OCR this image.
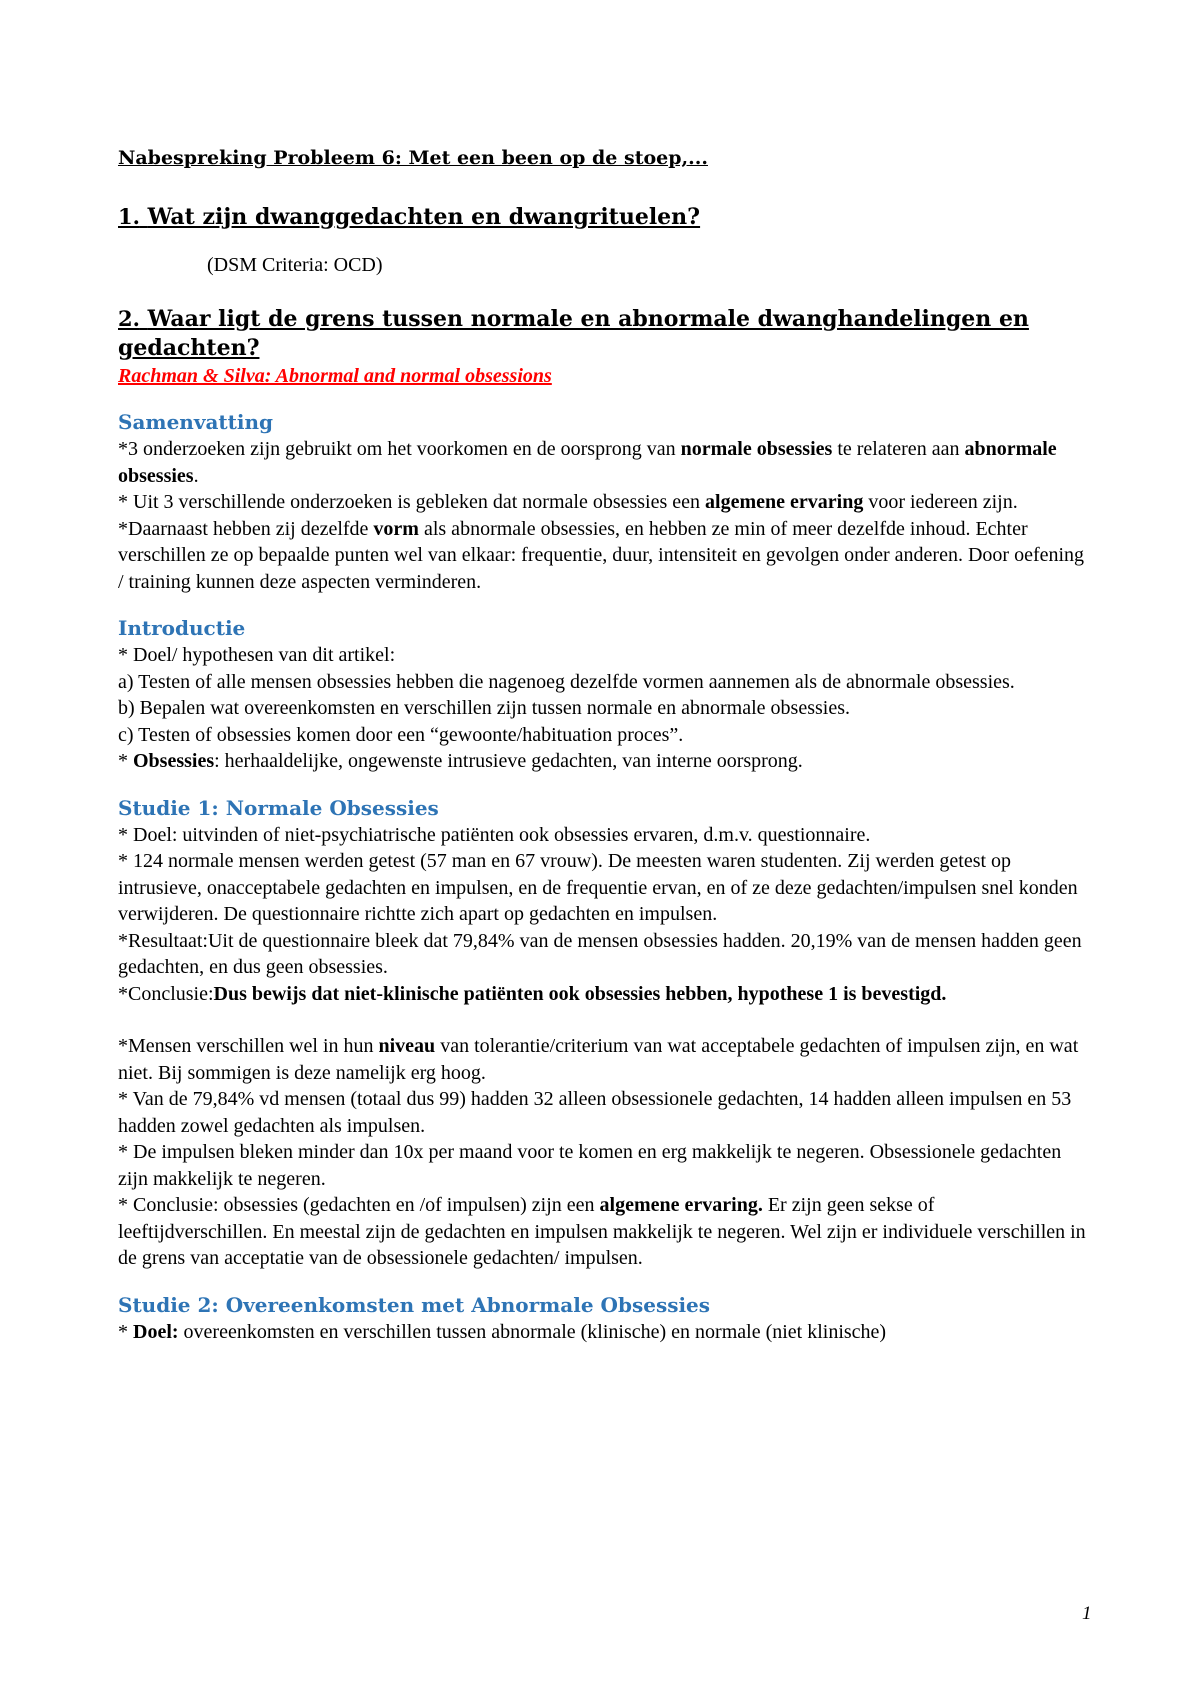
Nabespreking Probleem 6: Met een been op de stoep,...
1. Wat zijn dwanggedachten en dwangrituelen?

(DSM Criteria: OCD)

2. Waar ligt de grens tussen normale en abnormale dwanghandelingen en gedachten?

Rachman & Silva: Abnormal and normal obsessions

Samenvatting

*3 onderzoeken zijn gebruikt om het voorkomen en de oorsprong van normale obsessies te relateren aan abnormale obsessies.

* Uit 3 verschillende onderzoeken is gebleken dat normale obsessies een algemene ervaring voor iedereen zijn.

*Daarnaast hebben zij dezelfde vorm als abnormale obsessies, en hebben ze min of meer dezelfde inhoud. Echter verschillen ze op bepaalde punten wel van elkaar: frequentie, duur, intensiteit en gevolgen onder anderen. Door oefening / training kunnen deze aspecten verminderen.

Introductie

* Doel/ hypothesen van dit artikel:

a) Testen of alle mensen obsessies hebben die nagenoeg dezelfde vormen aannemen als de abnormale obsessies.

b) Bepalen wat overeenkomsten en verschillen zijn tussen normale en abnormale obsessies.

c) Testen of obsessies komen door een “gewoonte/habituation proces”.

* Obsessies: herhaaldelijke, ongewenste intrusieve gedachten, van interne oorsprong.

Studie 1: Normale Obsessies

* Doel: uitvinden of niet-psychiatrische patiënten ook obsessies ervaren, d.m.v. questionnaire.

* 124 normale mensen werden getest (57 man en 67 vrouw). De meesten waren studenten. Zij werden getest op intrusieve, onacceptabele gedachten en impulsen, en de frequentie ervan, en of ze deze gedachten/impulsen snel konden verwijderen. De questionnaire richtte zich apart op gedachten en impulsen.

*Resultaat:Uit de questionnaire bleek dat 79,84% van de mensen obsessies hadden. 20,19% van de mensen hadden geen gedachten, en dus geen obsessies.

*Conclusie:Dus bewijs dat niet-klinische patiënten ook obsessies hebben, hypothese 1 is bevestigd.

*Mensen verschillen wel in hun niveau van tolerantie/criterium van wat acceptabele gedachten of impulsen zijn, en wat niet. Bij sommigen is deze namelijk erg hoog.

* Van de 79,84% vd mensen (totaal dus 99) hadden 32 alleen obsessionele gedachten, 14 hadden alleen impulsen en 53 hadden zowel gedachten als impulsen.

* De impulsen bleken minder dan 10x per maand voor te komen en erg makkelijk te negeren. Obsessionele gedachten zijn makkelijk te negeren.

* Conclusie: obsessies (gedachten en /of impulsen) zijn een algemene ervaring. Er zijn geen sekse of leeftijdverschillen. En meestal zijn de gedachten en impulsen makkelijk te negeren. Wel zijn er individuele verschillen in de grens van acceptatie van de obsessionele gedachten/ impulsen.

Studie 2: Overeenkomsten met Abnormale Obsessies

* Doel: overeenkomsten en verschillen tussen abnormale (klinische) en normale (niet klinische)

1
